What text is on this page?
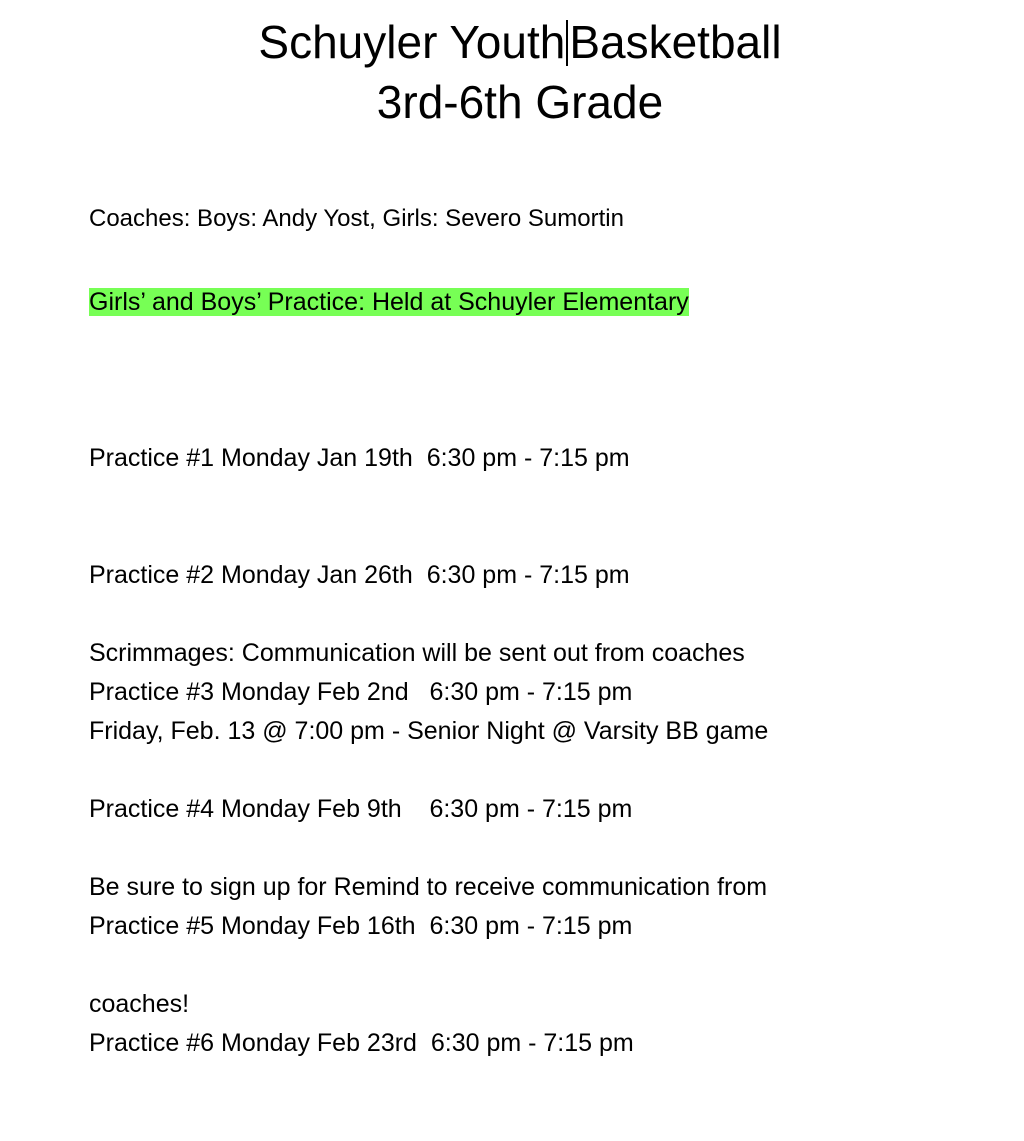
Schuyler YouthBasketball
3rd-6th Grade
Coaches: Boys: Andy Yost, Girls: Severo Sumortin
Girls’ and Boys’ Practice: Held at Schuyler Elementary

Practice #1 Monday Jan 19th  6:30 pm - 7:15 pm

Practice #2 Monday Jan 26th  6:30 pm - 7:15 pm

Practice #3 Monday Feb 2nd   6:30 pm - 7:15 pm

Practice #4 Monday Feb 9th    6:30 pm - 7:15 pm

Practice #5 Monday Feb 16th  6:30 pm - 7:15 pm

Practice #6 Monday Feb 23rd  6:30 pm - 7:15 pm

Scrimmages: Communication will be sent out from coaches
Friday, Feb. 13 @ 7:00 pm - Senior Night @ Varsity BB game

Be sure to sign up for Remind to receive communication from

coaches!
